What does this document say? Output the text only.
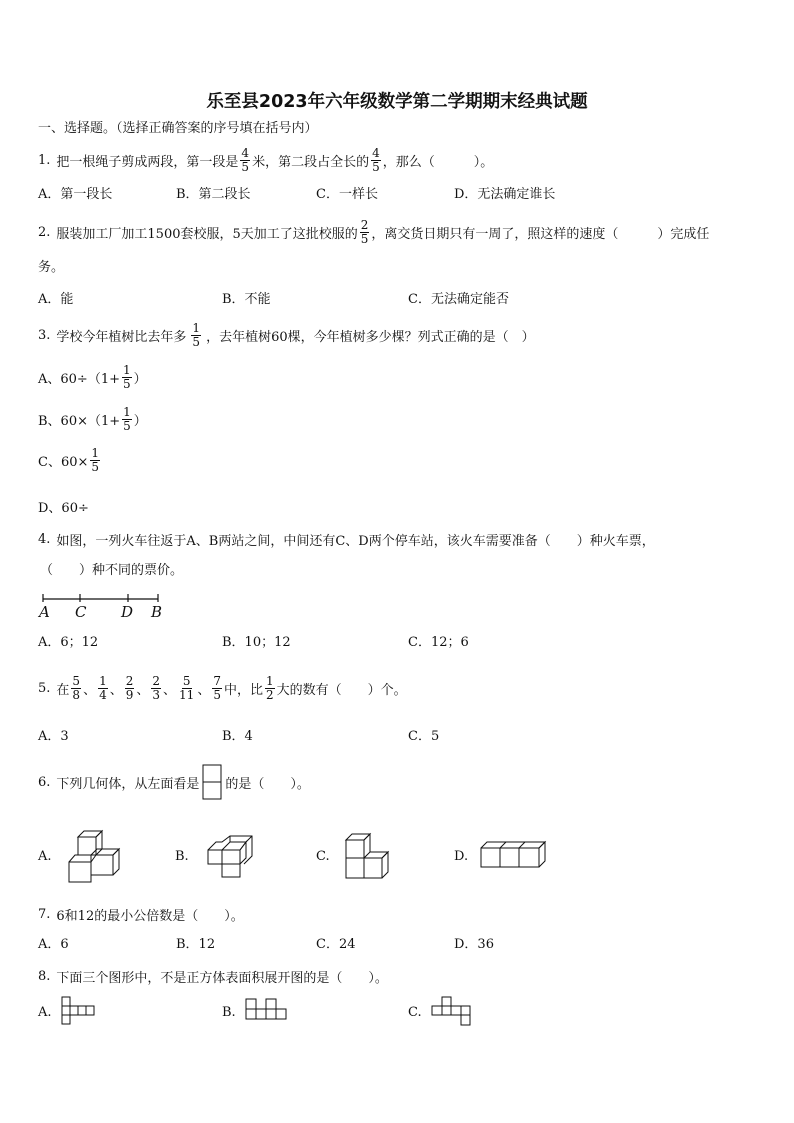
乐至县2023年六年级数学第二学期期末经典试题
一、选择题。（选择正确答案的序号填在括号内）
1. 把一根绳子剪成两段，第一段是 $\frac{4}{5}$ 米，第二段占全长的 $\frac{4}{5}$ ，那么（　　　）。
A．第一段长	B．第二段长	C．一样长	D．无法确定谁长
2. 服装加工厂加工1500套校服，5天加工了这批校服的 $\frac{2}{5}$ ，离交货日期只有一周了，照这样的速度（　　　）完成任
务。
A．能	B．不能	C．无法确定能否
3. 学校今年植树比去年多 $\frac{1}{5}$ ，去年植树60棵，今年植树多少棵？列式正确的是（　）
A、$60\div(1+ \frac{1}{5}$ ）
B、$60\times(1+ \frac{1}{5}$ ）
C、$60\times \frac{1}{5}$
D、60÷
4. 如图，一列火车往返于A、B两站之间，中间还有C、D两个停车站，该火车需要准备（　　）种火车票，
（　　）种不同的票价。
A C D B
A．6；12	B．10；12	C．12；6
5. 在 $\frac{5}{8}$ 、 $\frac{1}{4}$ 、 $\frac{2}{9}$ 、 $\frac{2}{3}$ 、 $\frac{5}{11}$ 、 $\frac{7}{5}$ 中，比 $\frac{1}{2}$ 大的数有（　　）个。
A．3	B．4	C．5
6. 下列几何体，从左面看是 的是（　　）。
A.	B.	C.	D.
7. 6和12的最小公倍数是（　　）。
A．6	B．12	C．24	D．36
8. 下面三个图形中，不是正方体表面积展开图的是（　　）。
A.	B.	C.
